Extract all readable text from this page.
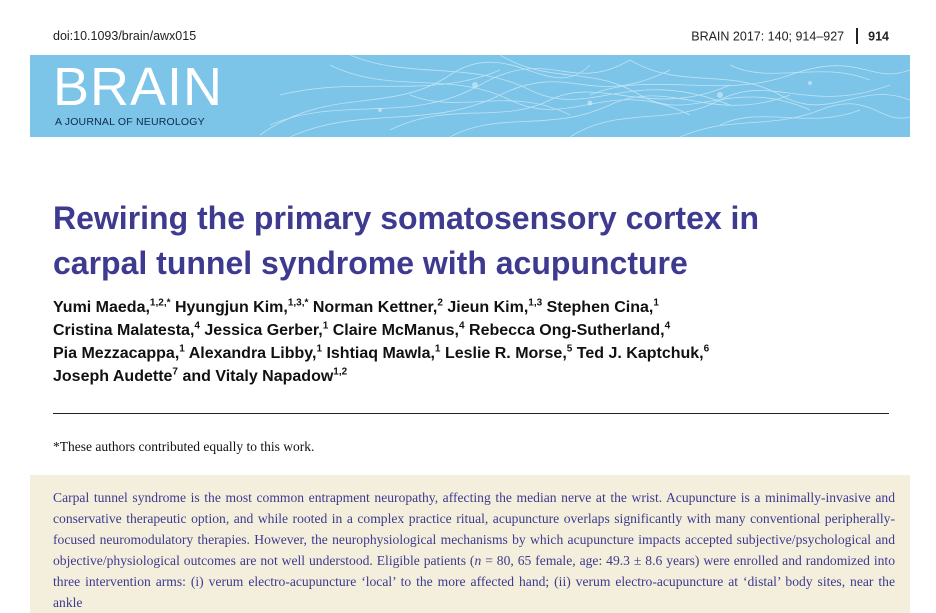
doi:10.1093/brain/awx015	BRAIN 2017: 140; 914–927 914
BRAIN
A JOURNAL OF NEUROLOGY
Rewiring the primary somatosensory cortex in
carpal tunnel syndrome with acupuncture
Yumi Maeda,$^{1,2,*}$ Hyungjun Kim,$^{1,3,*}$ Norman Kettner,$^2$ Jieun Kim,$^{1,3}$ Stephen Cina,$^1$
Cristina Malatesta,$^4$ Jessica Gerber,$^1$ Claire McManus,$^4$ Rebecca Ong-Sutherland,$^4$
Pia Mezzacappa,$^1$ Alexandra Libby,$^1$ Ishtiaq Mawla,$^1$ Leslie R. Morse,$^5$ Ted J. Kaptchuk,$^6$
Joseph Audette$^7$ and Vitaly Napadow$^{1,2}$
*These authors contributed equally to this work.

Carpal tunnel syndrome is the most common entrapment neuropathy, affecting the median nerve at the wrist. Acupuncture is a minimally-invasive and conservative therapeutic option, and while rooted in a complex practice ritual, acupuncture overlaps significantly with many conventional peripherally-focused neuromodulatory therapies. However, the neurophysiological mechanisms by which acupuncture impacts accepted subjective/psychological and objective/physiological outcomes are not well understood. Eligible patients (n = 80, 65 female, age: 49.3 ± 8.6 years) were enrolled and randomized into three intervention arms: (i) verum electro-acupuncture ‘local’ to the more affected hand; (ii) verum electro-acupuncture at ‘distal’ body sites, near the ankle
